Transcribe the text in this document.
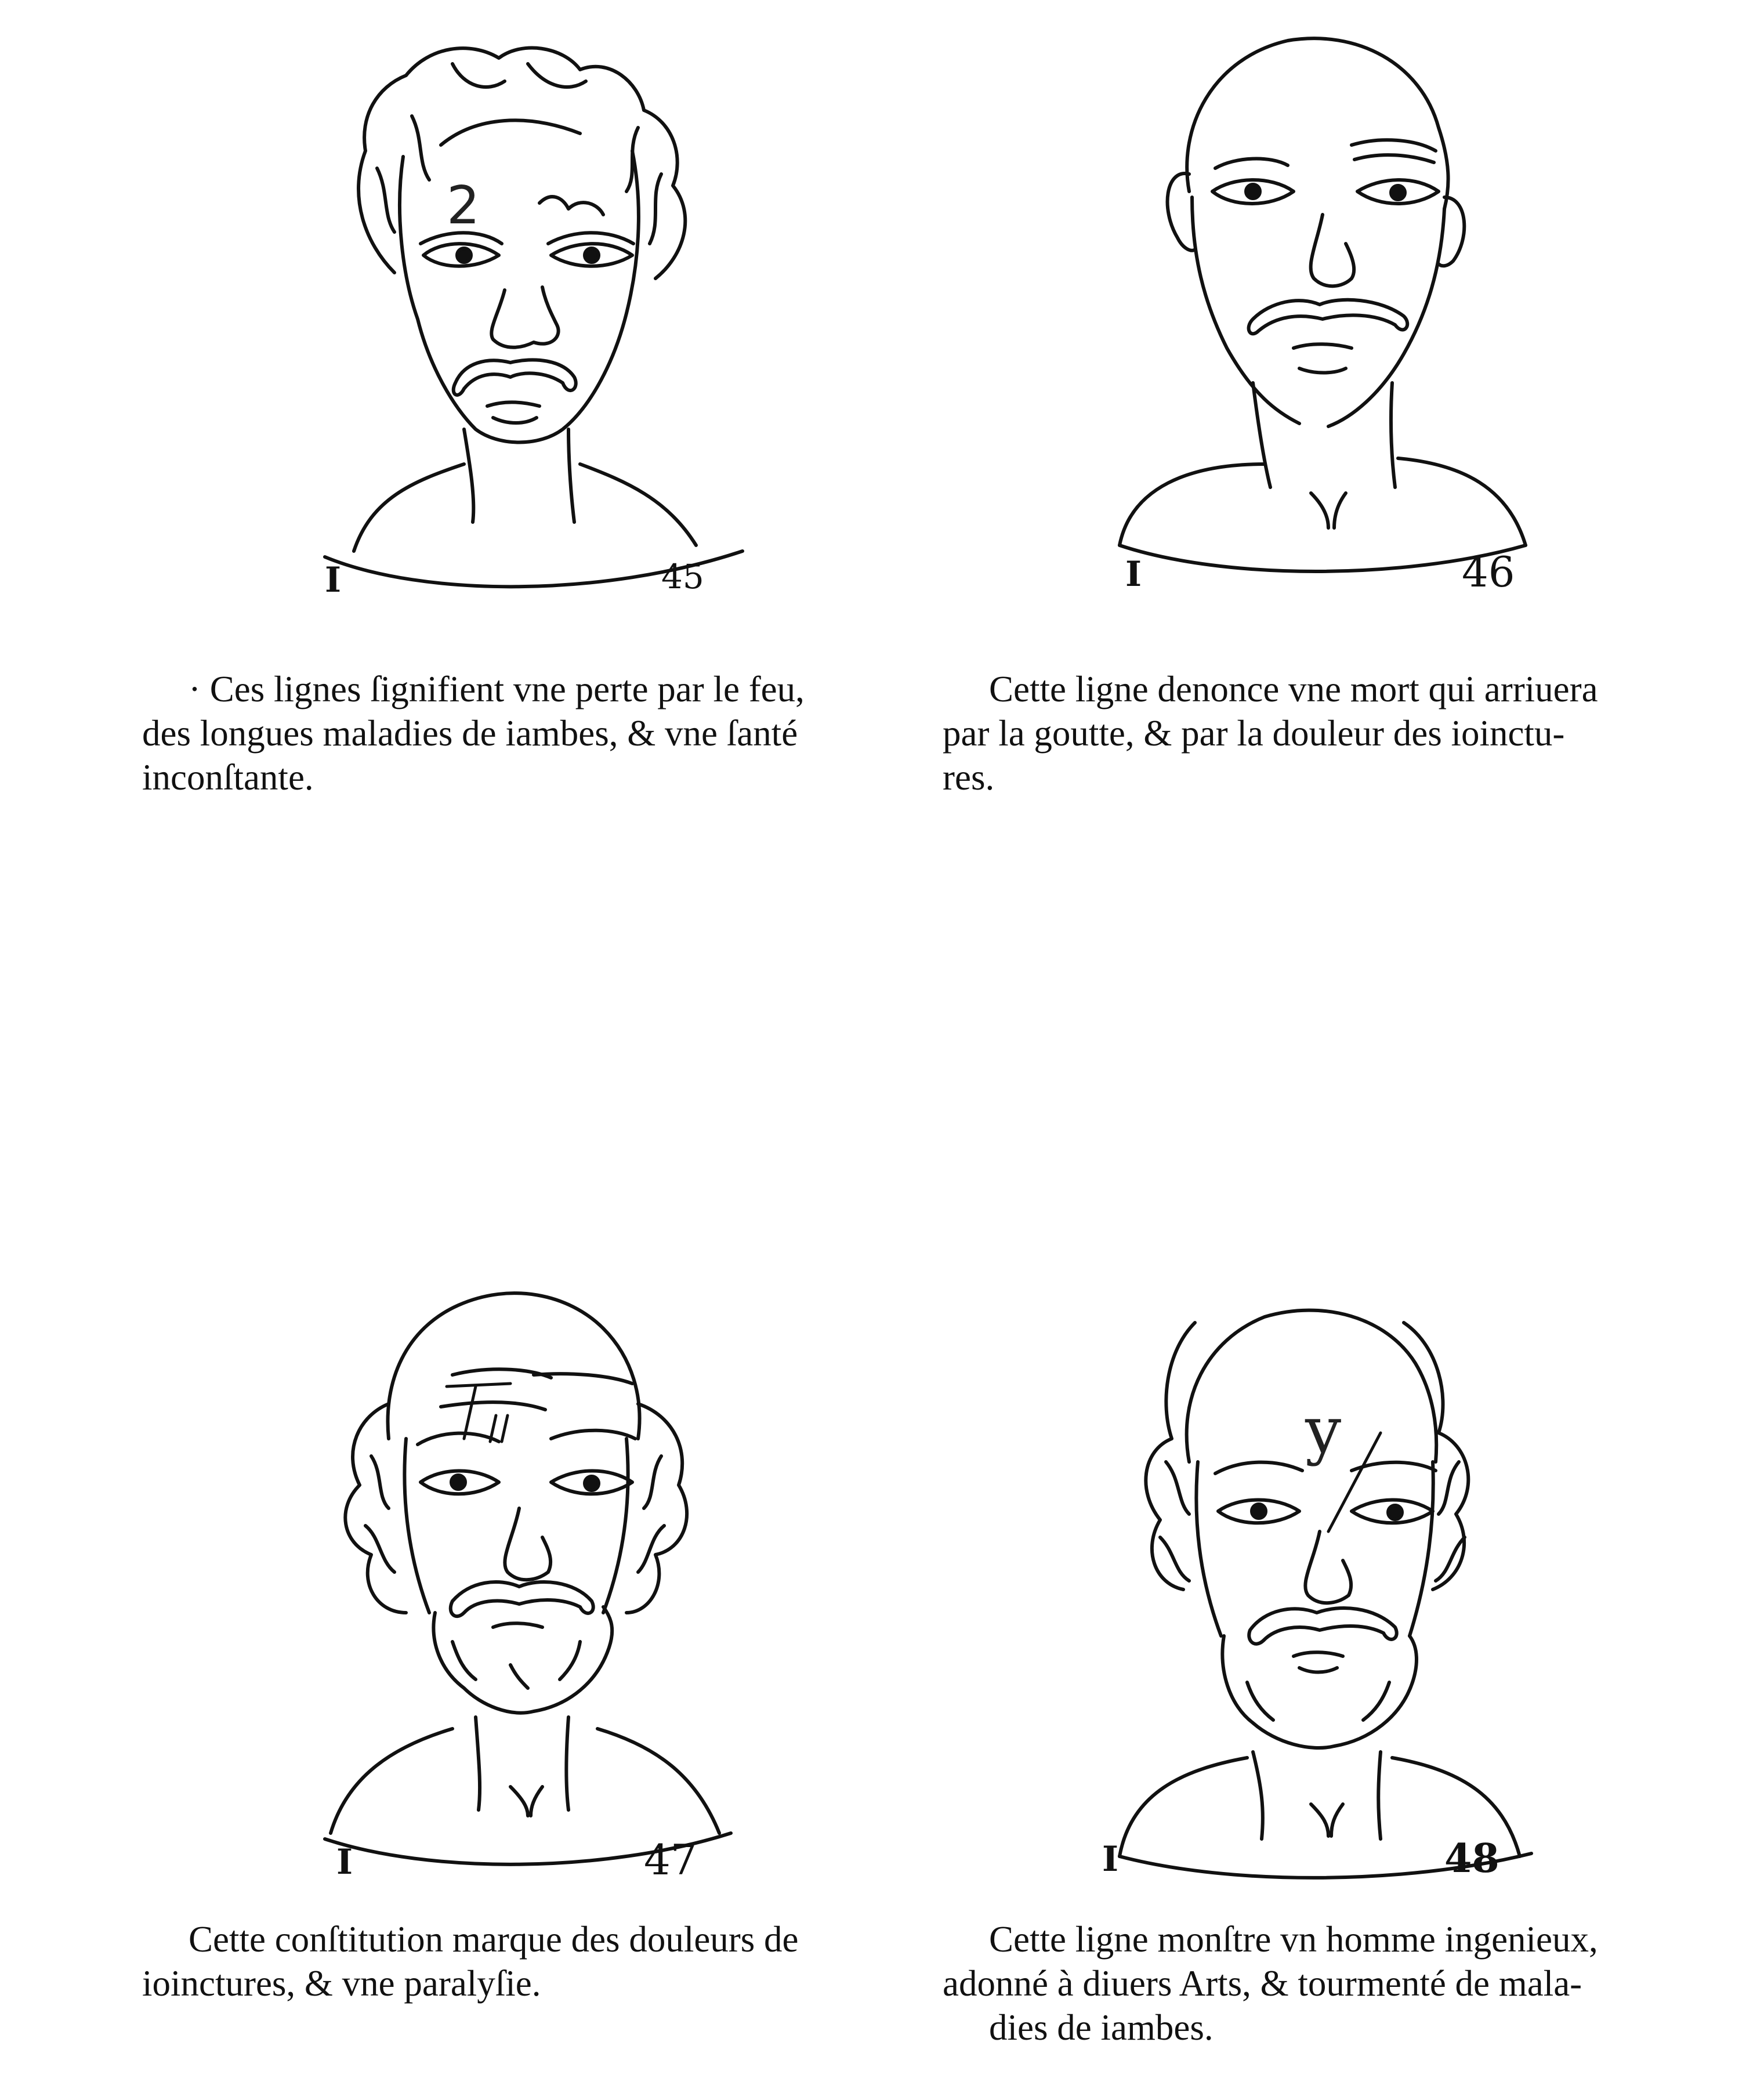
2
I	45

· Ces lignes ſignifient vne perte par le feu,
des longues maladies de iambes, & vne ſanté
inconſtante.

I	46

Cette ligne denonce vne mort qui arriuera
par la goutte, & par la douleur des ioinctu-
res.

I	47

Cette conſtitution marque des douleurs de
ioinctures, & vne paralyſie.

y
I	48

Cette ligne monſtre vn homme ingenieux,
adonné à diuers Arts, & tourmenté de mala-
dies de iambes.
